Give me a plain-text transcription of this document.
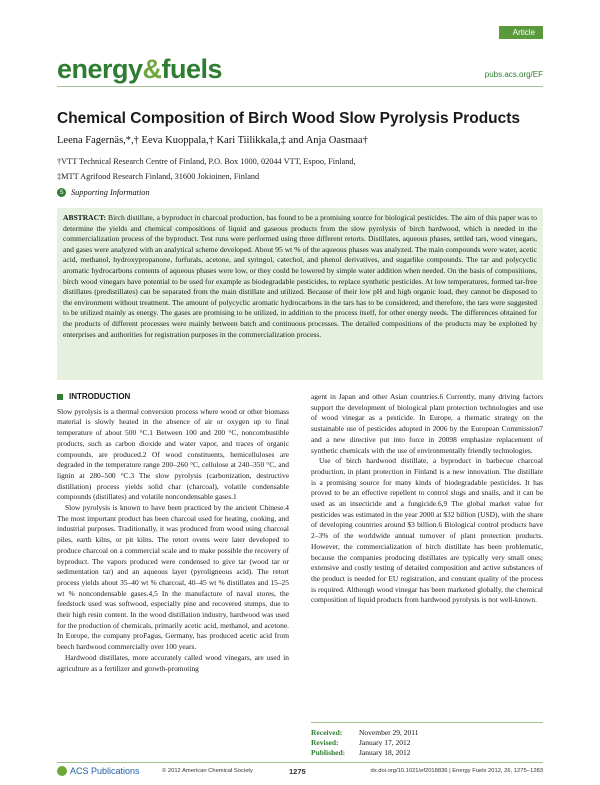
energy&fuels
Article
pubs.acs.org/EF
Chemical Composition of Birch Wood Slow Pyrolysis Products
Leena Fagernäs,*,† Eeva Kuoppala,† Kari Tiilikkala,‡ and Anja Oasmaa†
†VTT Technical Research Centre of Finland, P.O. Box 1000, 02044 VTT, Espoo, Finland,
‡MTT Agrifood Research Finland, 31600 Jokioinen, Finland
S Supporting Information
ABSTRACT: Birch distillate, a byproduct in charcoal production, has found to be a promising source for biological pesticides. The aim of this paper was to determine the yields and chemical compositions of liquid and gaseous products from the slow pyrolysis of birch hardwood, which is needed in the commercialization process of the byproduct. Test runs were performed using three different retorts. Distillates, aqueous phases, settled tars, wood vinegars, and gases were analyzed with an analytical scheme developed. About 95 wt % of the aqueous phases was analyzed. The main compounds were water, acetic acid, methanol, hydroxypropanone, furfurals, acetone, and syringol, catechol, and phenol derivatives, and sugarlike compounds. The tar and polycyclic aromatic hydrocarbons contents of aqueous phases were low, or they could be lowered by simple water addition when needed. On the basis of compositions, birch wood vinegars have potential to be used for example as biodegradable pesticides, to replace synthetic pesticides. At low temperatures, formed tar-free distillates (predistillates) can be separated from the main distillate and utilized. Because of their low pH and high organic load, they cannot be disposed to the environment without treatment. The amount of polycyclic aromatic hydrocarbons in the tars has to be considered, and therefore, the tars were suggested to be utilized mainly as energy. The gases are promising to be utilized, in addition to the process itself, for other energy needs. The differences obtained for the products of different processes were mainly between batch and continuous processes. The detailed compositions of the products may be exploited by enterprises and authorities for registration purposes in the commercialization process.
INTRODUCTION

Slow pyrolysis is a thermal conversion process where wood or other biomass material is slowly heated in the absence of air or oxygen up to final temperature of about 500 °C.1 Between 100 and 200 °C, noncombustible products, such as carbon dioxide and water vapor, and traces of organic compounds, are produced.2 Of wood constituents, hemicelluloses are degraded in the temperature range 200–260 °C, cellulose at 240–350 °C, and lignin at 280–500 °C.3 The slow pyrolysis (carbonization, destructive distillation) process yields solid char (charcoal), volatile condensable compounds (distillates) and volatile noncondensable gases.1

Slow pyrolysis is known to have been practiced by the ancient Chinese.4 The most important product has been charcoal used for heating, cooking, and industrial purposes. Traditionally, it was produced from wood using charcoal piles, earth kilns, or pit kilns. The retort ovens were later developed to produce charcoal on a commercial scale and to make possible the recovery of byproduct. The vapors produced were condensed to give tar (wood tar or sedimentation tar) and an aqueous layer (pyroligneous acid). The retort process yields about 35–40 wt % charcoal, 40–45 wt % distillates and 15–25 wt % noncondensable gases.4,5 In the manufacture of naval stores, the feedstock used was softwood, especially pine and recovered stumps, due to their high resin content. In the wood distillation industry, hardwood was used for the production of chemicals, primarily acetic acid, methanol, and acetone. In Europe, the company proFagus, Germany, has produced acetic acid from beech hardwood commercially over 100 years.

Hardwood distillates, more accurately called wood vinegars, are used in agriculture as a fertilizer and growth-promoting

agent in Japan and other Asian countries.6 Currently, many driving factors support the development of biological plant protection technologies and use of wood vinegar as a pesticide. In Europe, a thematic strategy on the sustainable use of pesticides adopted in 2006 by the European Commission7 and a new directive put into force in 20098 emphasize replacement of synthetic chemicals with the use of environmentally friendly technologies.

Use of birch hardwood distillate, a byproduct in barbecue charcoal production, in plant protection in Finland is a new innovation. The distillate is a promising source for many kinds of biodegradable pesticides. It has proved to be an effective repellent to control slugs and snails, and it can be used as an insecticide and a fungicide.6,9 The global market value for pesticides was estimated in the year 2000 at $32 billion (USD), with the share of developing countries around $3 billion.6 Biological control products have 2–3% of the worldwide annual turnover of plant protection products. However, the commercialization of birch distillate has been problematic, because the companies producing distillates are typically very small ones; extensive and costly testing of detailed composition and active substances of the product is needed for EU registration, and constant quality of the process is required. Although wood vinegar has been marketed globally, the chemical composition of liquid products from hardwood pyrolysis is not well-known.

Received: November 29, 2011
Revised:	January 17, 2012
Published: January 18, 2012
ACS Publications	© 2012 American Chemical Society	1275	dx.doi.org/10.1021/ef2018836 | Energy Fuels 2012, 26, 1275−1283
